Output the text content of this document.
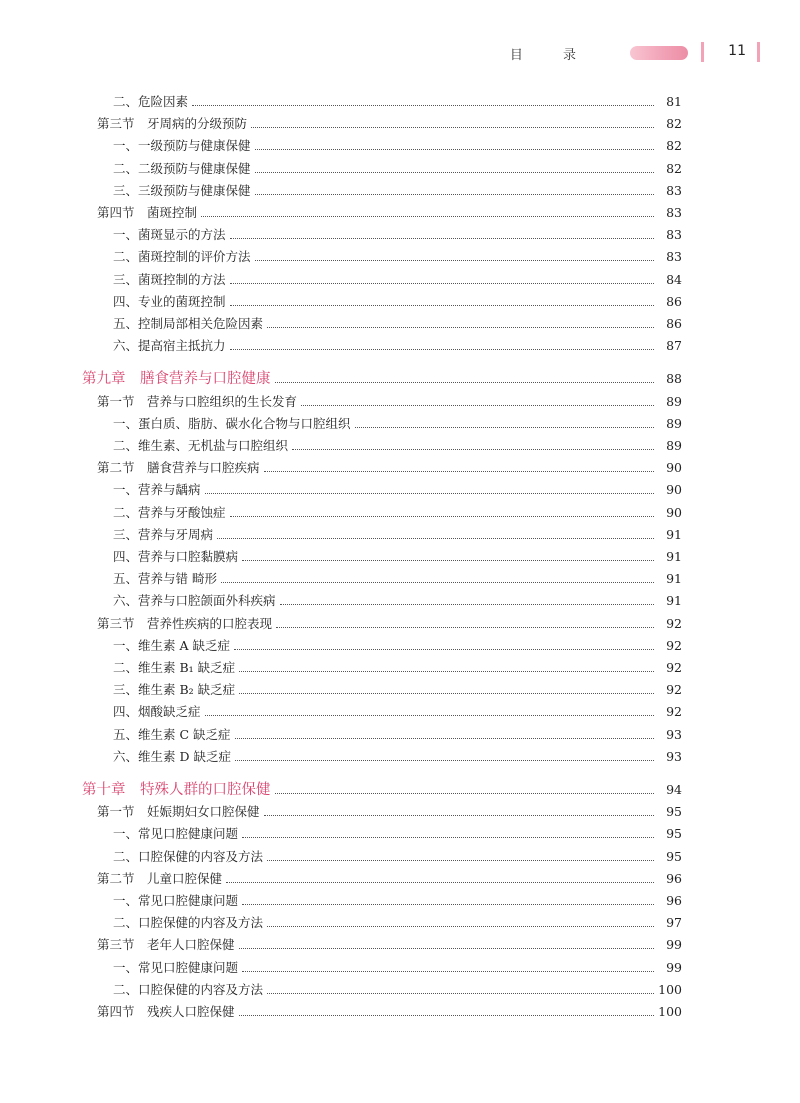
目 录	11
二、危险因素	81
第三节　牙周病的分级预防	82
一、一级预防与健康保健	82
二、二级预防与健康保健	82
三、三级预防与健康保健	83
第四节　菌斑控制	83
一、菌斑显示的方法	83
二、菌斑控制的评价方法	83
三、菌斑控制的方法	84
四、专业的菌斑控制	86
五、控制局部相关危险因素	86
六、提高宿主抵抗力	87
第九章　膳食营养与口腔健康	88
第一节　营养与口腔组织的生长发育	89
一、蛋白质、脂肪、碳水化合物与口腔组织	89
二、维生素、无机盐与口腔组织	89
第二节　膳食营养与口腔疾病	90
一、营养与龋病	90
二、营养与牙酸蚀症	90
三、营养与牙周病	91
四、营养与口腔黏膜病	91
五、营养与错 畸形	91
六、营养与口腔颌面外科疾病	91
第三节　营养性疾病的口腔表现	92
一、维生素 A 缺乏症	92
二、维生素 B₁ 缺乏症	92
三、维生素 B₂ 缺乏症	92
四、烟酸缺乏症	92
五、维生素 C 缺乏症	93
六、维生素 D 缺乏症	93
第十章　特殊人群的口腔保健	94
第一节　妊娠期妇女口腔保健	95
一、常见口腔健康问题	95
二、口腔保健的内容及方法	95
第二节　儿童口腔保健	96
一、常见口腔健康问题	96
二、口腔保健的内容及方法	97
第三节　老年人口腔保健	99
一、常见口腔健康问题	99
二、口腔保健的内容及方法	100
第四节　残疾人口腔保健	100
